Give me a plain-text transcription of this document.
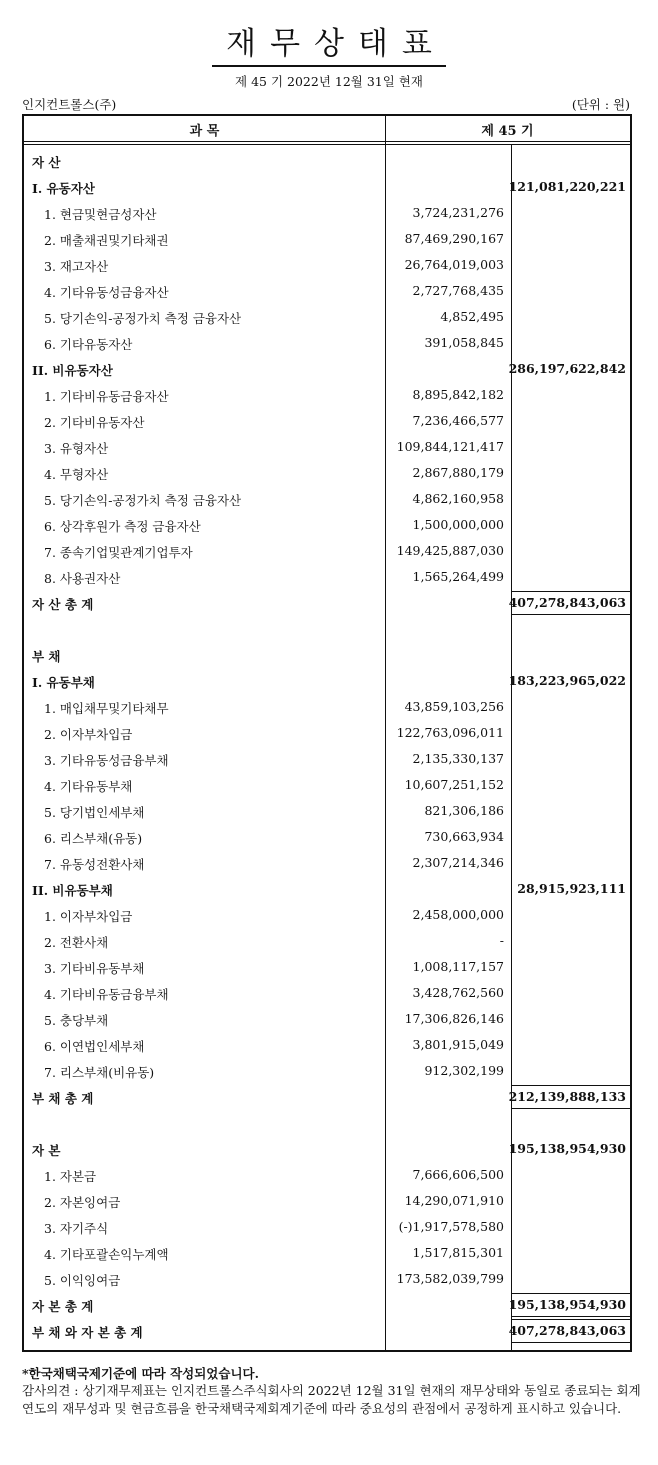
재무상태표
제 45 기 2022년 12월 31일 현재
인지컨트롤스(주)	(단위 : 원)
과 목	제 45 기
자 산
I. 유동자산	121,081,220,221
1. 현금및현금성자산	3,724,231,276
2. 매출채권및기타채권	87,469,290,167
3. 재고자산	26,764,019,003
4. 기타유동성금융자산	2,727,768,435
5. 당기손익-공정가치 측정 금융자산	4,852,495
6. 기타유동자산	391,058,845
II. 비유동자산	286,197,622,842
1. 기타비유동금융자산	8,895,842,182
2. 기타비유동자산	7,236,466,577
3. 유형자산	109,844,121,417
4. 무형자산	2,867,880,179
5. 당기손익-공정가치 측정 금융자산	4,862,160,958
6. 상각후원가 측정 금융자산	1,500,000,000
7. 종속기업및관계기업투자	149,425,887,030
8. 사용권자산	1,565,264,499
자 산 총 계	407,278,843,063
부 채
I. 유동부채	183,223,965,022
1. 매입채무및기타채무	43,859,103,256
2. 이자부차입금	122,763,096,011
3. 기타유동성금융부채	2,135,330,137
4. 기타유동부채	10,607,251,152
5. 당기법인세부채	821,306,186
6. 리스부채(유동)	730,663,934
7. 유동성전환사채	2,307,214,346
II. 비유동부채	28,915,923,111
1. 이자부차입금	2,458,000,000
2. 전환사채	-
3. 기타비유동부채	1,008,117,157
4. 기타비유동금융부채	3,428,762,560
5. 충당부채	17,306,826,146
6. 이연법인세부채	3,801,915,049
7. 리스부채(비유동)	912,302,199
부 채 총 계	212,139,888,133
자 본	195,138,954,930
1. 자본금	7,666,606,500
2. 자본잉여금	14,290,071,910
3. 자기주식	(-)1,917,578,580
4. 기타포괄손익누계액	1,517,815,301
5. 이익잉여금	173,582,039,799
자 본 총 계	195,138,954,930
부 채 와 자 본 총 계	407,278,843,063
*한국채택국제기준에 따라 작성되었습니다.
감사의견 : 상기재무제표는 인지컨트롤스주식회사의 2022년 12월 31일 현재의 재무상태와 동일로 종료되는 회계연도의 재무성과 및 현금흐름을 한국채택국제회계기준에 따라 중요성의 관점에서 공정하게 표시하고 있습니다.
